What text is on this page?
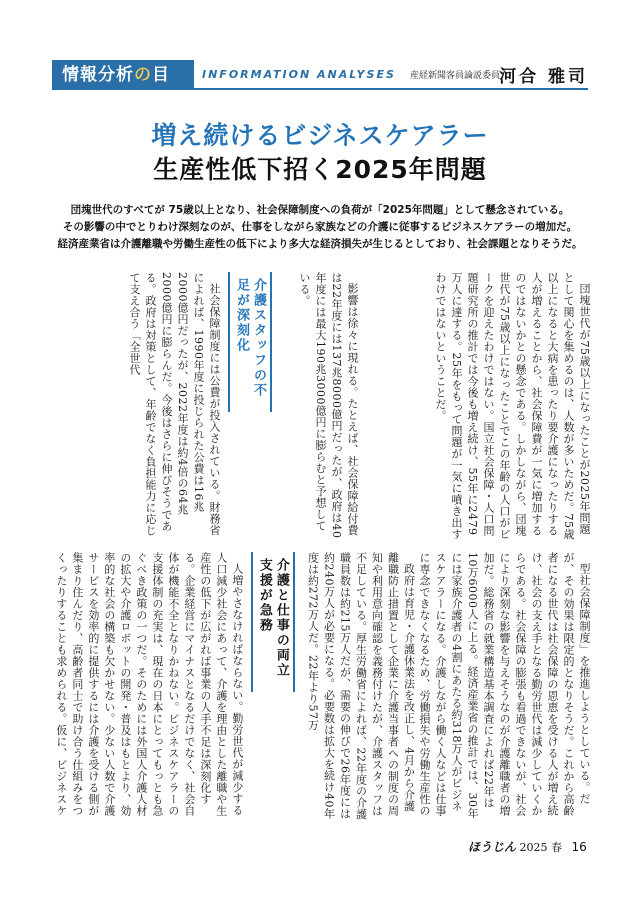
情報分析の目	INFORMATION ANALYSES 産経新聞客員論説委員 河合 雅司
増え続けるビジネスケアラー
生産性低下招く2025年問題

団塊世代のすべてが 75歳以上となり、社会保障制度への負荷が「2025年問題」として懸念されている。

その影響の中でとりわけ深刻なのが、仕事をしながら家族などの介護に従事するビジネスケアラーの増加だ。

経済産業省は介護離職や労働生産性の低下により多大な経済損失が生じるとしており、社会課題となりそうだ。

団塊世代が75歳以上になったことが2025年問題として関心を集めるのは、人数が多いためだ。75歳以上になると大病を患ったり要介護になったりする人が増えることから、社会保障費が一気に増加するのではないかとの懸念である。しかしながら、団塊世代が75歳以上になったことでこの年齢の人口がピークを迎えたわけではない。国立社会保障・人口問題研究所の推計では今後も増え続け、55年に2479万人に達する。25年をもって問題が一気に噴き出すわけではないということだ。

影響は徐々に現れる。たとえば、社会保障給付費は22年度には137兆8000億円だったが、政府は40年度には最大190兆3000億円に膨らむと予想している。

介護スタッフの不足が深刻化

社会保障制度には公費が投入されている。財務省によれば、1990年度に投じられた公費は16兆2000億円だったが、2022年度は約4倍の64兆2000億円に膨らんだ。今後はさらに伸びそうである。政府は対策として、年齢でなく負担能力に応じて支え合う「全世代

型社会保障制度」を推進しようとしている。だが、その効果は限定的となりそうだ。これから高齢者になる世代は社会保障の恩恵を受ける人が増え続け、社会の支え手となる勤労世代は減少していくからである。社会保障の膨張も看過できないが、社会により深刻な影響を与えそうなのが介護離職者の増加だ。総務省の就業構造基本調査によれば22年は10万6000人に上る。経済産業省の推計では、30年には家族介護者の4割にあたる約318万人がビジネスケアラーになる。介護しながら働く人などは仕事に専念できなくなるため、労働損失や労働生産性の

政府は育児・介護休業法を改正し、4月から介護離職防止措置として企業に介護当事者への制度の周知や利用意向確認を義務付けたが、介護スタッフは不足している。厚生労働省によれば、22年度の介護職員数は約215万人だが、需要の伸びで26年度には約240万人が必要になる。必要数は拡大を続け40年度は約272万人だ。22年より57万

介護と仕事の両立支援が急務

人増やさなければならない。勤労世代が減少する人口減少社会にあって、介護を理由とした離職や生産性の低下が広がれば事業の人手不足は深刻化する。企業経営にマイナスとなるだけでなく、社会自体が機能不全となりかねない。ビジネスケアラーの支援体制の充実は、現在の日本にとってもっとも急ぐべき政策の一つだ。そのためには外国人介護人材の拡大や介護ロボットの開発・普及はもとより、効率的な社会の構築も欠かせない。少ない人数で介護サービスを効率的に提供するには介護を受ける側が集まり住んだり、高齢者同士で助け合う仕組みをつくったりすることも求められる。仮に、ビジネスケ

ほうじん 2025 春 16
